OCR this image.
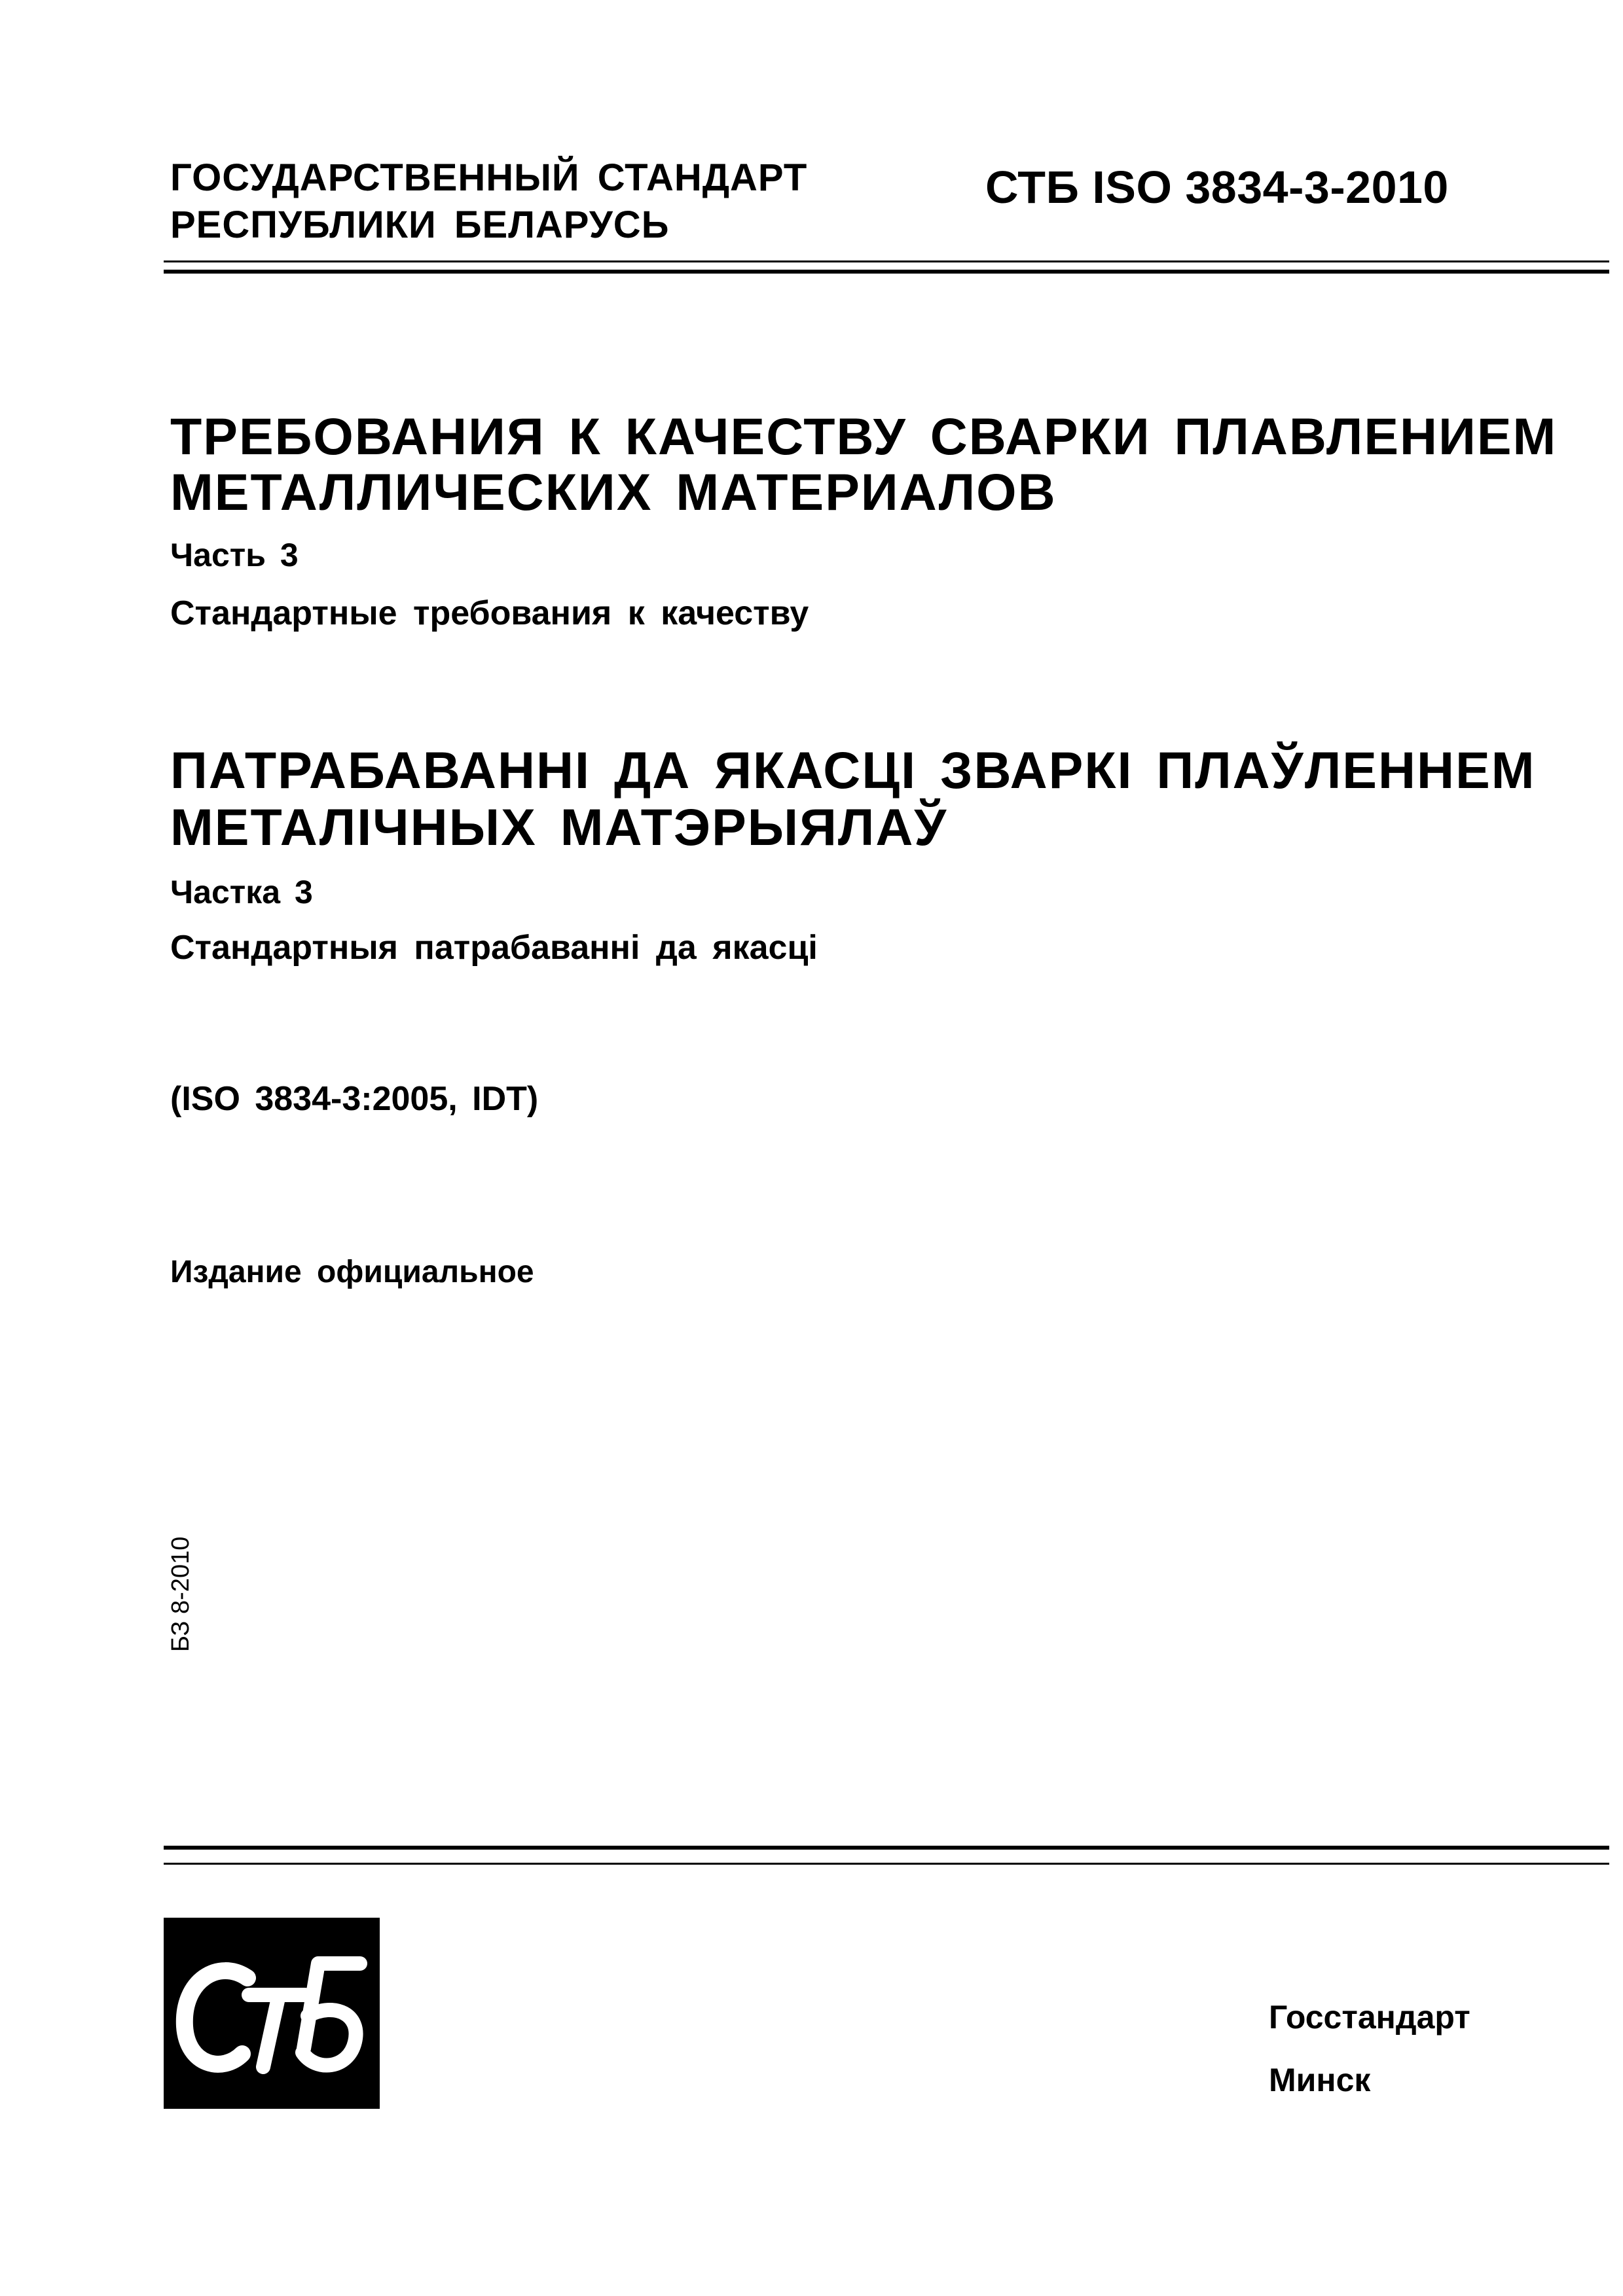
ГОСУДАРСТВЕННЫЙ СТАНДАРТ
РЕСПУБЛИКИ БЕЛАРУСЬ
СТБ ISO 3834-3-2010
ТРЕБОВАНИЯ К КАЧЕСТВУ СВАРКИ ПЛАВЛЕНИЕМ
МЕТАЛЛИЧЕСКИХ МАТЕРИАЛОВ
Часть 3
Стандартные требования к качеству
ПАТРАБАВАННІ ДА ЯКАСЦІ ЗВАРКІ ПЛАЎЛЕННЕМ
МЕТАЛІЧНЫХ МАТЭРЫЯЛАЎ
Частка 3
Стандартныя патрабаванні да якасці
(ISO 3834-3:2005, IDT)
Издание официальное
БЗ 8-2010
Госстандарт
Минск
